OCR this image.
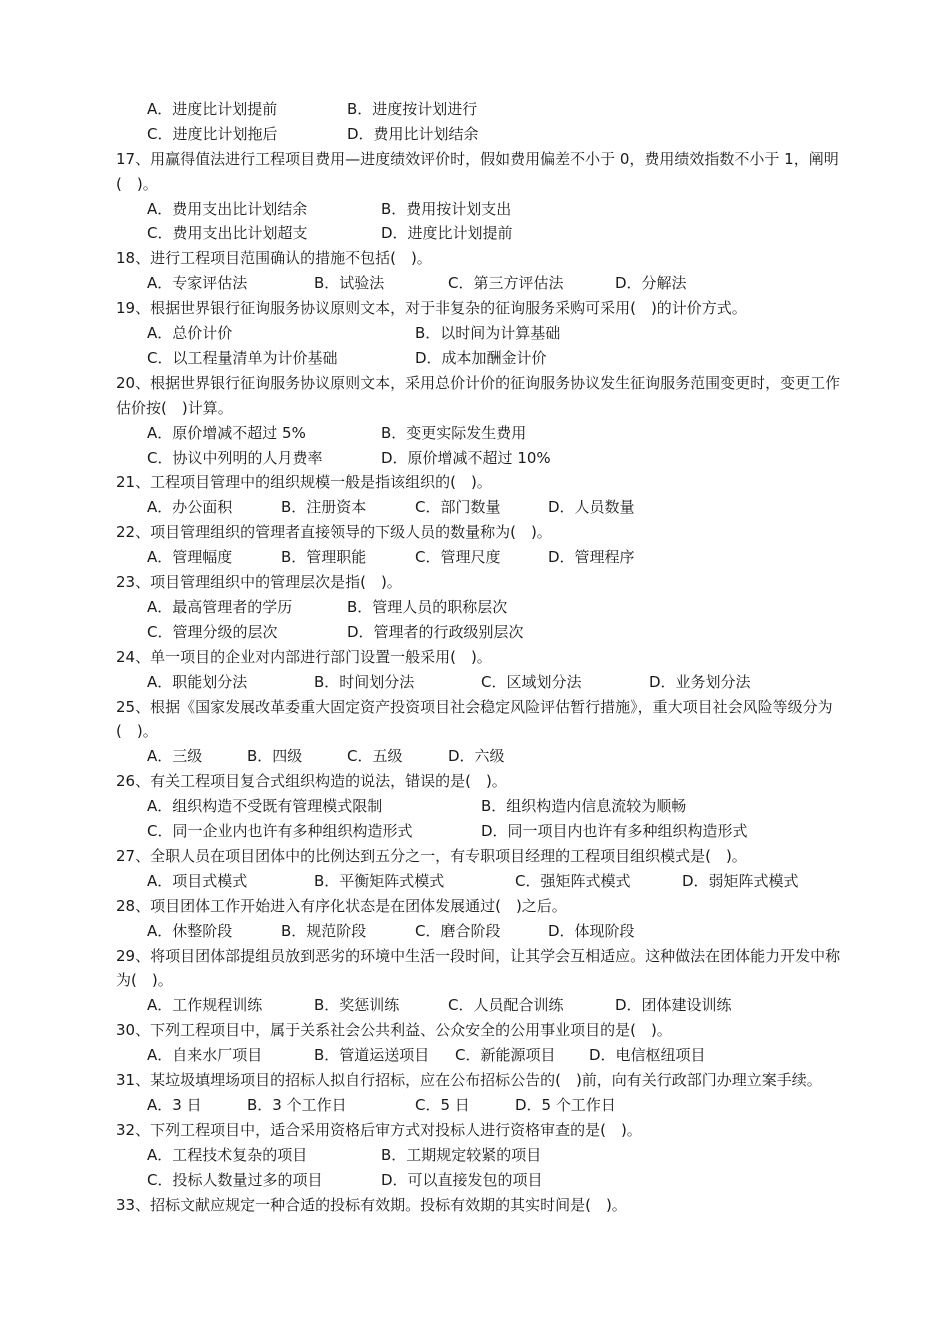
A．进度比计划提前	B．进度按计划进行
C．进度比计划拖后	D．费用比计划结余
17、用赢得值法进行工程项目费用—进度绩效评价时，假如费用偏差不小于 0，费用绩效指数不小于 1，阐明(　)。
A．费用支出比计划结余	B．费用按计划支出
C．费用支出比计划超支	D．进度比计划提前
18、进行工程项目范围确认的措施不包括(　)。
A．专家评估法	B．试验法	C．第三方评估法	D．分解法
19、根据世界银行征询服务协议原则文本，对于非复杂的征询服务采购可采用(　)的计价方式。
A．总价计价	B．以时间为计算基础
C．以工程量清单为计价基础	D．成本加酬金计价
20、根据世界银行征询服务协议原则文本，采用总价计价的征询服务协议发生征询服务范围变更时，变更工作估价按(　)计算。
A．原价增减不超过 5%	B．变更实际发生费用
C．协议中列明的人月费率	D．原价增减不超过 10%
21、工程项目管理中的组织规模一般是指该组织的(　)。
A．办公面积	B．注册资本	C．部门数量	D．人员数量
22、项目管理组织的管理者直接领导的下级人员的数量称为(　)。
A．管理幅度	B．管理职能	C．管理尺度	D．管理程序
23、项目管理组织中的管理层次是指(　)。
A．最高管理者的学历	B．管理人员的职称层次
C．管理分级的层次	D．管理者的行政级别层次
24、单一项目的企业对内部进行部门设置一般采用(　)。
A．职能划分法	B．时间划分法	C．区域划分法	D．业务划分法
25、根据《国家发展改革委重大固定资产投资项目社会稳定风险评估暂行措施》，重大项目社会风险等级分为(　)。
A．三级	B．四级	C．五级	D．六级
26、有关工程项目复合式组织构造的说法，错误的是(　)。
A．组织构造不受既有管理模式限制	B．组织构造内信息流较为顺畅
C．同一企业内也许有多种组织构造形式	D．同一项目内也许有多种组织构造形式
27、全职人员在项目团体中的比例达到五分之一，有专职项目经理的工程项目组织模式是(　)。
A．项目式模式	B．平衡矩阵式模式	C．强矩阵式模式	D．弱矩阵式模式
28、项目团体工作开始进入有序化状态是在团体发展通过(　)之后。
A．休整阶段	B．规范阶段	C．磨合阶段	D．体现阶段
29、将项目团体部提组员放到恶劣的环境中生活一段时间，让其学会互相适应。这种做法在团体能力开发中称为(　)。
A．工作规程训练	B．奖惩训练	C．人员配合训练	D．团体建设训练
30、下列工程项目中，属于关系社会公共利益、公众安全的公用事业项目的是(　)。
A．自来水厂项目	B．管道运送项目 C．新能源项目 D．电信枢纽项目
31、某垃圾填埋场项目的招标人拟自行招标，应在公布招标公告的(　)前，向有关行政部门办理立案手续。
A．3 日	B．3 个工作日	C．5 日	D．5 个工作日
32、下列工程项目中，适合采用资格后审方式对投标人进行资格审查的是(　)。
A．工程技术复杂的项目	B．工期规定较紧的项目
C．投标人数量过多的项目	D．可以直接发包的项目
33、招标文献应规定一种合适的投标有效期。投标有效期的其实时间是(　)。
